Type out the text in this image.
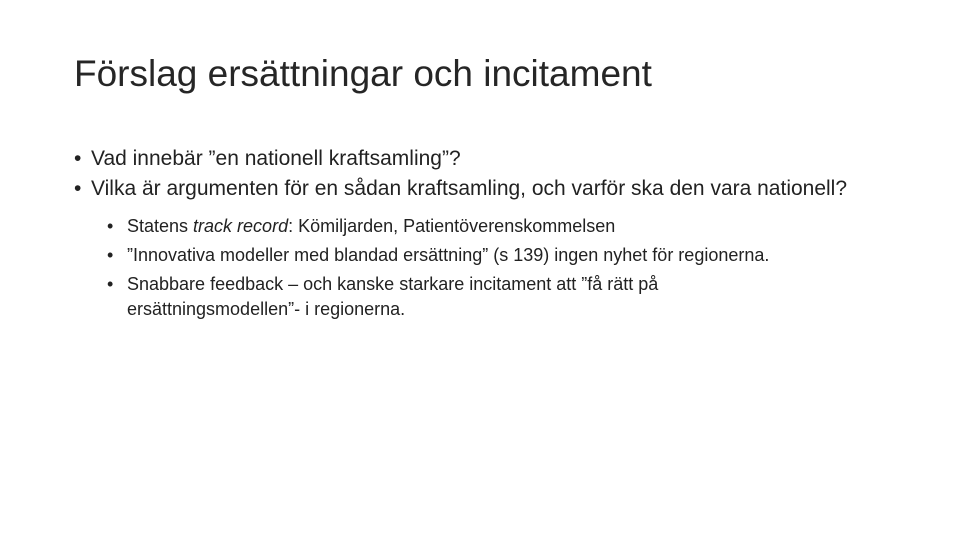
Förslag ersättningar och incitament
• Vad innebär ”en nationell kraftsamling”?
• Vilka är argumenten för en sådan kraftsamling, och varför ska den vara nationell?
• Statens track record: Kömiljarden, Patientöverenskommelsen
• ”Innovativa modeller med blandad ersättning” (s 139) ingen nyhet för regionerna.
• Snabbare feedback – och kanske starkare incitament att ”få rätt på ersättningsmodellen”- i regionerna.
